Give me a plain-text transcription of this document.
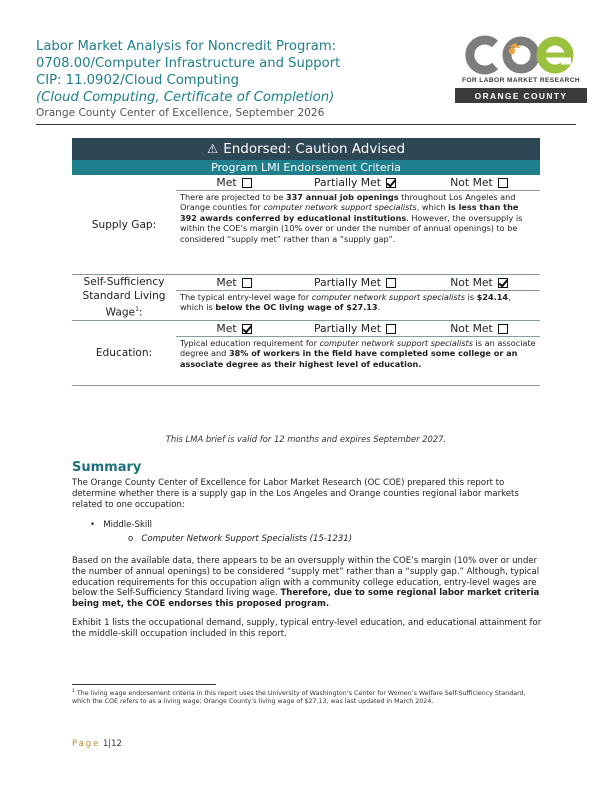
Labor Market Analysis for Noncredit Program:
0708.00/Computer Infrastructure and Support
CIP: 11.0902/Cloud Computing
(Cloud Computing, Certificate of Completion)
Orange County Center of Excellence, September 2026
FOR LABOR MARKET RESEARCH
ORANGE COUNTY
⚠ Endorsed: Caution Advised
Program LMI Endorsement Criteria
Supply Gap:
Met	Partially Met	Not Met
There are projected to be 337 annual job openings throughout Los Angeles and Orange counties for computer network support specialists, which is less than the 392 awards conferred by educational institutions. However, the oversupply is within the COE’s margin (10% over or under the number of annual openings) to be considered “supply met” rather than a “supply gap”.
Self-Sufficiency Standard Living Wage$^1$:
Met	Partially Met	Not Met
The typical entry-level wage for computer network support specialists is $24.14, which is below the OC living wage of $27.13.
Education:
Met	Partially Met	Not Met
Typical education requirement for computer network support specialists is an associate degree and 38% of workers in the field have completed some college or an associate degree as their highest level of education.
This LMA brief is valid for 12 months and expires September 2027.
Summary
The Orange County Center of Excellence for Labor Market Research (OC COE) prepared this report to determine whether there is a supply gap in the Los Angeles and Orange counties regional labor markets related to one occupation:
• Middle-Skill
o Computer Network Support Specialists (15-1231)
Based on the available data, there appears to be an oversupply within the COE’s margin (10% over or under the number of annual openings) to be considered “supply met” rather than a “supply gap.” Although, typical education requirements for this occupation align with a community college education, entry-level wages are below the Self-Sufficiency Standard living wage. Therefore, due to some regional labor market criteria being met, the COE endorses this proposed program.
Exhibit 1 lists the occupational demand, supply, typical entry-level education, and educational attainment for the middle-skill occupation included in this report.
$^1$ The living wage endorsement criteria in this report uses the University of Washington’s Center for Women’s Welfare Self-Sufficiency Standard, which the COE refers to as a living wage; Orange County’s living wage of $27.13, was last updated in March 2024.
Page 1|12
